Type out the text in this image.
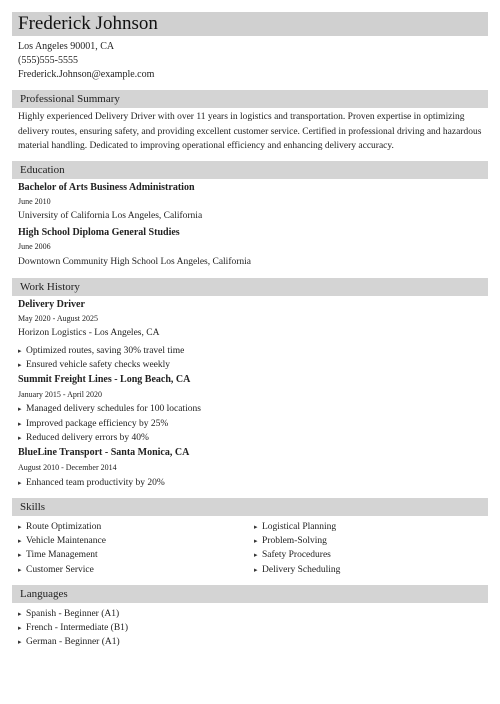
Frederick Johnson
Los Angeles 90001, CA
(555)555-5555
Frederick.Johnson@example.com
Professional Summary
Highly experienced Delivery Driver with over 11 years in logistics and transportation. Proven expertise in optimizing delivery routes, ensuring safety, and providing excellent customer service. Certified in professional driving and hazardous material handling. Dedicated to improving operational efficiency and enhancing delivery accuracy.
Education
Bachelor of Arts Business Administration
June 2010
University of California Los Angeles, California
High School Diploma General Studies
June 2006
Downtown Community High School Los Angeles, California
Work History
Delivery Driver
May 2020 - August 2025
Horizon Logistics - Los Angeles, CA
▸ Optimized routes, saving 30% travel time
▸ Ensured vehicle safety checks weekly
Summit Freight Lines - Long Beach, CA
January 2015 - April 2020
▸ Managed delivery schedules for 100 locations
▸ Improved package efficiency by 25%
▸ Reduced delivery errors by 40%
BlueLine Transport - Santa Monica, CA
August 2010 - December 2014
▸ Enhanced team productivity by 20%
Skills
▸ Route Optimization
▸ Vehicle Maintenance
▸ Time Management
▸ Customer Service
▸ Logistical Planning
▸ Problem-Solving
▸ Safety Procedures
▸ Delivery Scheduling
Languages
▸ Spanish - Beginner (A1)
▸ French - Intermediate (B1)
▸ German - Beginner (A1)
